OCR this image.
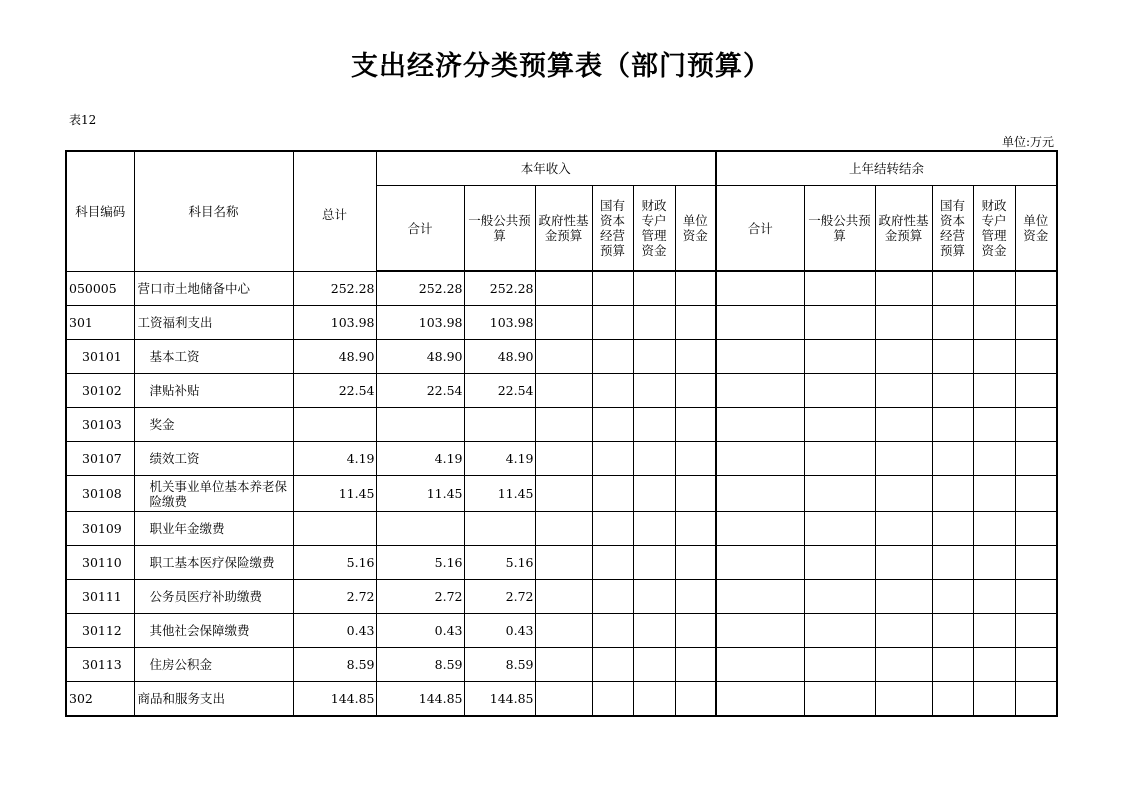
支出经济分类预算表（部门预算）
表12
单位:万元
科目编码	科目名称	总计	本年收入						上年结转结余					
			合计	一般公共预算	政府性基金预算	国有资本经营预算	财政专户管理资金	单位资金	合计	一般公共预算	政府性基金预算	国有资本经营预算	财政专户管理资金	单位资金
050005	营口市土地储备中心	252.28	252.28	252.28										
301	工资福利支出	103.98	103.98	103.98										
30101	基本工资	48.90	48.90	48.90										
30102	津贴补贴	22.54	22.54	22.54										
30103	奖金													
30107	绩效工资	4.19	4.19	4.19										
30108	机关事业单位基本养老保险缴费	11.45	11.45	11.45										
30109	职业年金缴费													
30110	职工基本医疗保险缴费	5.16	5.16	5.16										
30111	公务员医疗补助缴费	2.72	2.72	2.72										
30112	其他社会保障缴费	0.43	0.43	0.43										
30113	住房公积金	8.59	8.59	8.59										
302	商品和服务支出	144.85	144.85	144.85										
